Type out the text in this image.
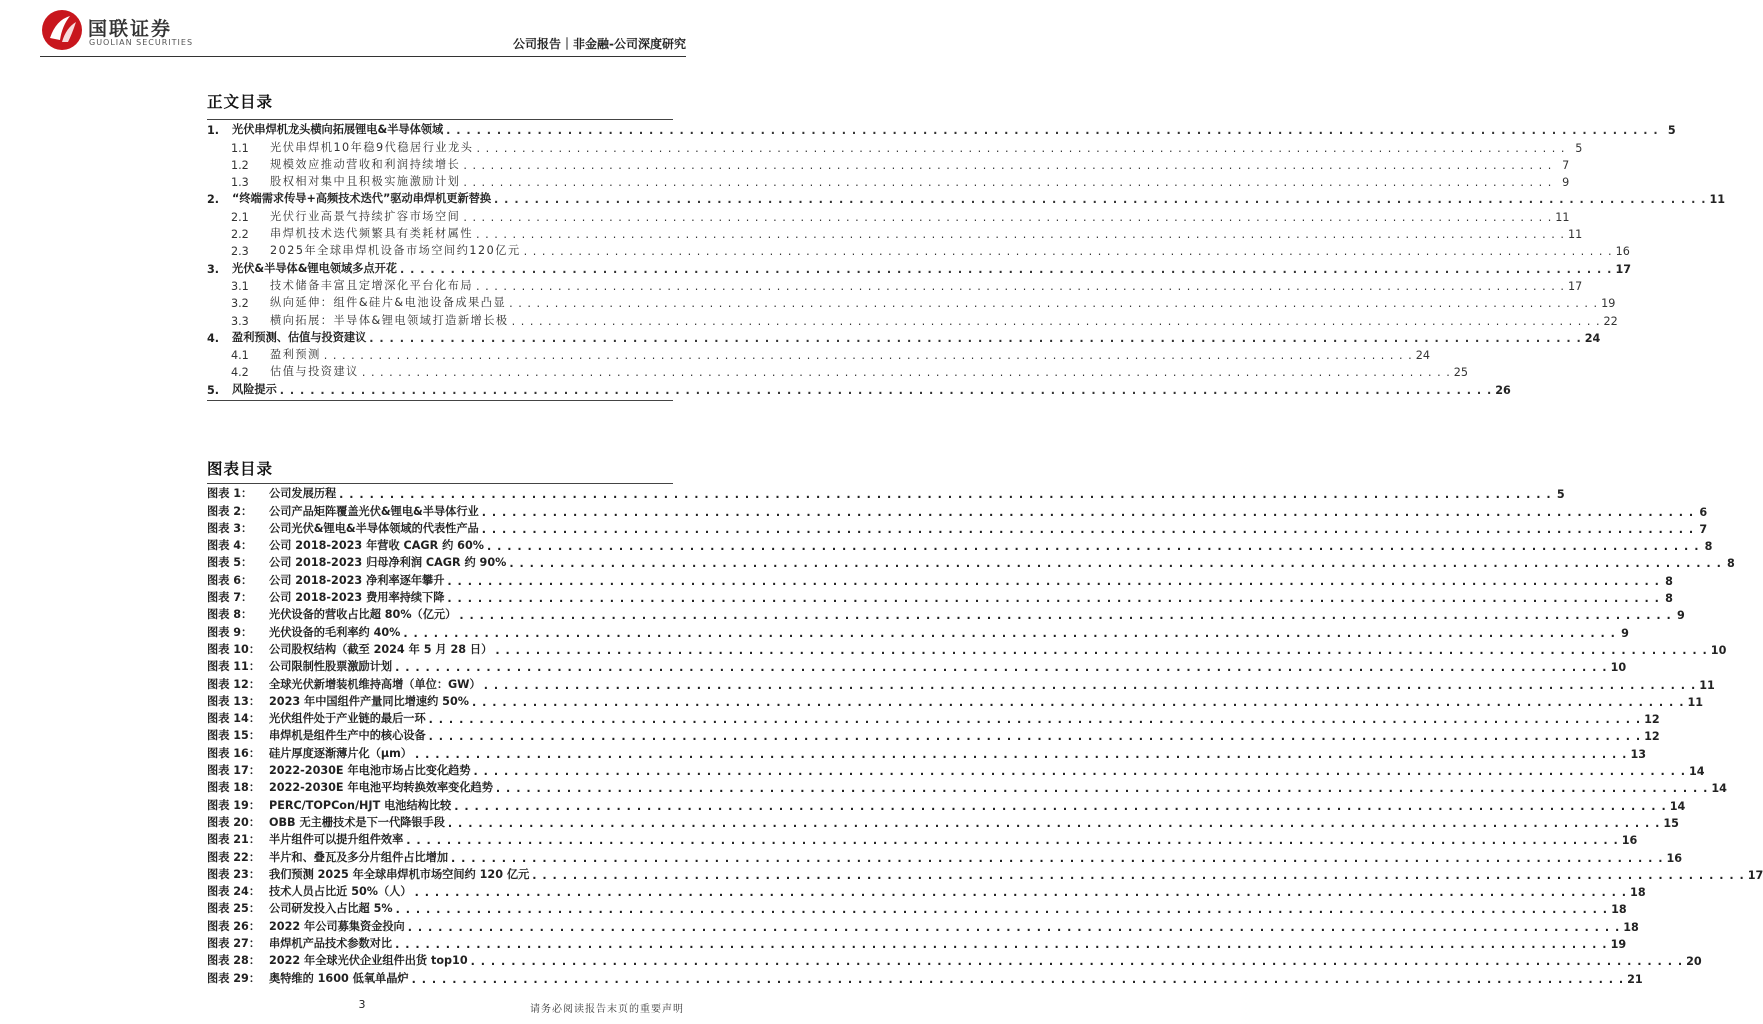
国联证券
GUOLIAN SECURITIES	公司报告｜非金融-公司深度研究
正文目录
1.	光伏串焊机龙头横向拓展锂电&半导体领域 . . . . . . . . . . . . . . . . . . . . . . . . . . . . . . . . . . . . . . . . . . . . . . . . . . . . . . . . . . . . . . . . . . . . . . . . . . . . . . . . . . . . . . . . . . . . . . . . . . . . . . . . . . . . . . . . . . . . . . . . 5
1.1	光伏串焊机10年稳9代稳居行业龙头 . . . . . . . . . . . . . . . . . . . . . . . . . . . . . . . . . . . . . . . . . . . . . . . . . . . . . . . . . . . . . . . . . . . . . . . . . . . . . . . . . . . . . . . . . . . . . . . . . . . . . . . . . . . . . . . . . . . . . . . . 5
1.2	规模效应推动营收和利润持续增长 . . . . . . . . . . . . . . . . . . . . . . . . . . . . . . . . . . . . . . . . . . . . . . . . . . . . . . . . . . . . . . . . . . . . . . . . . . . . . . . . . . . . . . . . . . . . . . . . . . . . . . . . . . . . . . . . . . . . . . . . 7
1.3	股权相对集中且积极实施激励计划 . . . . . . . . . . . . . . . . . . . . . . . . . . . . . . . . . . . . . . . . . . . . . . . . . . . . . . . . . . . . . . . . . . . . . . . . . . . . . . . . . . . . . . . . . . . . . . . . . . . . . . . . . . . . . . . . . . . . . . . . 9
2.	“终端需求传导+高频技术迭代”驱动串焊机更新替换 . . . . . . . . . . . . . . . . . . . . . . . . . . . . . . . . . . . . . . . . . . . . . . . . . . . . . . . . . . . . . . . . . . . . . . . . . . . . . . . . . . . . . . . . . . . . . . . . . . . . . . . . . . . . . . . . . . . . . . . . 11
2.1	光伏行业高景气持续扩容市场空间 . . . . . . . . . . . . . . . . . . . . . . . . . . . . . . . . . . . . . . . . . . . . . . . . . . . . . . . . . . . . . . . . . . . . . . . . . . . . . . . . . . . . . . . . . . . . . . . . . . . . . . . . . . . . . . . . . . . . . . . . 11
2.2	串焊机技术迭代频繁具有类耗材属性 . . . . . . . . . . . . . . . . . . . . . . . . . . . . . . . . . . . . . . . . . . . . . . . . . . . . . . . . . . . . . . . . . . . . . . . . . . . . . . . . . . . . . . . . . . . . . . . . . . . . . . . . . . . . . . . . . . . . . . . . 11
2.3	2025年全球串焊机设备市场空间约120亿元 . . . . . . . . . . . . . . . . . . . . . . . . . . . . . . . . . . . . . . . . . . . . . . . . . . . . . . . . . . . . . . . . . . . . . . . . . . . . . . . . . . . . . . . . . . . . . . . . . . . . . . . . . . . . . . . . . . . . . . . . 16
3.	光伏&半导体&锂电领域多点开花 . . . . . . . . . . . . . . . . . . . . . . . . . . . . . . . . . . . . . . . . . . . . . . . . . . . . . . . . . . . . . . . . . . . . . . . . . . . . . . . . . . . . . . . . . . . . . . . . . . . . . . . . . . . . . . . . . . . . . . . . 17
3.1	技术储备丰富且定增深化平台化布局 . . . . . . . . . . . . . . . . . . . . . . . . . . . . . . . . . . . . . . . . . . . . . . . . . . . . . . . . . . . . . . . . . . . . . . . . . . . . . . . . . . . . . . . . . . . . . . . . . . . . . . . . . . . . . . . . . . . . . . . . 17
3.2	纵向延伸：组件&硅片&电池设备成果凸显 . . . . . . . . . . . . . . . . . . . . . . . . . . . . . . . . . . . . . . . . . . . . . . . . . . . . . . . . . . . . . . . . . . . . . . . . . . . . . . . . . . . . . . . . . . . . . . . . . . . . . . . . . . . . . . . . . . . . . . . . 19
3.3	横向拓展：半导体&锂电领域打造新增长极 . . . . . . . . . . . . . . . . . . . . . . . . . . . . . . . . . . . . . . . . . . . . . . . . . . . . . . . . . . . . . . . . . . . . . . . . . . . . . . . . . . . . . . . . . . . . . . . . . . . . . . . . . . . . . . . . . . . . . . . . 22
4.	盈利预测、估值与投资建议 . . . . . . . . . . . . . . . . . . . . . . . . . . . . . . . . . . . . . . . . . . . . . . . . . . . . . . . . . . . . . . . . . . . . . . . . . . . . . . . . . . . . . . . . . . . . . . . . . . . . . . . . . . . . . . . . . . . . . . . . 24
4.1	盈利预测 . . . . . . . . . . . . . . . . . . . . . . . . . . . . . . . . . . . . . . . . . . . . . . . . . . . . . . . . . . . . . . . . . . . . . . . . . . . . . . . . . . . . . . . . . . . . . . . . . . . . . . . . . . . . . . . . . . . . . . . . 24
4.2	估值与投资建议 . . . . . . . . . . . . . . . . . . . . . . . . . . . . . . . . . . . . . . . . . . . . . . . . . . . . . . . . . . . . . . . . . . . . . . . . . . . . . . . . . . . . . . . . . . . . . . . . . . . . . . . . . . . . . . . . . . . . . . . . 25
5.	风险提示 . . . . . . . . . . . . . . . . . . . . . . . . . . . . . . . . . . . . . . . . . . . . . . . . . . . . . . . . . . . . . . . . . . . . . . . . . . . . . . . . . . . . . . . . . . . . . . . . . . . . . . . . . . . . . . . . . . . . . . . . 26
图表目录
图表 1：	公司发展历程 . . . . . . . . . . . . . . . . . . . . . . . . . . . . . . . . . . . . . . . . . . . . . . . . . . . . . . . . . . . . . . . . . . . . . . . . . . . . . . . . . . . . . . . . . . . . . . . . . . . . . . . . . . . . . . . . . . . . . . . . 5
图表 2：	公司产品矩阵覆盖光伏&锂电&半导体行业 . . . . . . . . . . . . . . . . . . . . . . . . . . . . . . . . . . . . . . . . . . . . . . . . . . . . . . . . . . . . . . . . . . . . . . . . . . . . . . . . . . . . . . . . . . . . . . . . . . . . . . . . . . . . . . . . . . . . . . . . 6
图表 3：	公司光伏&锂电&半导体领域的代表性产品 . . . . . . . . . . . . . . . . . . . . . . . . . . . . . . . . . . . . . . . . . . . . . . . . . . . . . . . . . . . . . . . . . . . . . . . . . . . . . . . . . . . . . . . . . . . . . . . . . . . . . . . . . . . . . . . . . . . . . . . . 7
图表 4：	公司 2018-2023 年营收 CAGR 约 60% . . . . . . . . . . . . . . . . . . . . . . . . . . . . . . . . . . . . . . . . . . . . . . . . . . . . . . . . . . . . . . . . . . . . . . . . . . . . . . . . . . . . . . . . . . . . . . . . . . . . . . . . . . . . . . . . . . . . . . . . 8
图表 5：	公司 2018-2023 归母净利润 CAGR 约 90% . . . . . . . . . . . . . . . . . . . . . . . . . . . . . . . . . . . . . . . . . . . . . . . . . . . . . . . . . . . . . . . . . . . . . . . . . . . . . . . . . . . . . . . . . . . . . . . . . . . . . . . . . . . . . . . . . . . . . . . . 8
图表 6：	公司 2018-2023 净利率逐年攀升 . . . . . . . . . . . . . . . . . . . . . . . . . . . . . . . . . . . . . . . . . . . . . . . . . . . . . . . . . . . . . . . . . . . . . . . . . . . . . . . . . . . . . . . . . . . . . . . . . . . . . . . . . . . . . . . . . . . . . . . . 8
图表 7：	公司 2018-2023 费用率持续下降 . . . . . . . . . . . . . . . . . . . . . . . . . . . . . . . . . . . . . . . . . . . . . . . . . . . . . . . . . . . . . . . . . . . . . . . . . . . . . . . . . . . . . . . . . . . . . . . . . . . . . . . . . . . . . . . . . . . . . . . . 8
图表 8：	光伏设备的营收占比超 80%（亿元） . . . . . . . . . . . . . . . . . . . . . . . . . . . . . . . . . . . . . . . . . . . . . . . . . . . . . . . . . . . . . . . . . . . . . . . . . . . . . . . . . . . . . . . . . . . . . . . . . . . . . . . . . . . . . . . . . . . . . . . . 9
图表 9：	光伏设备的毛利率约 40% . . . . . . . . . . . . . . . . . . . . . . . . . . . . . . . . . . . . . . . . . . . . . . . . . . . . . . . . . . . . . . . . . . . . . . . . . . . . . . . . . . . . . . . . . . . . . . . . . . . . . . . . . . . . . . . . . . . . . . . . 9
图表 10： 公司股权结构（截至 2024 年 5 月 28 日） . . . . . . . . . . . . . . . . . . . . . . . . . . . . . . . . . . . . . . . . . . . . . . . . . . . . . . . . . . . . . . . . . . . . . . . . . . . . . . . . . . . . . . . . . . . . . . . . . . . . . . . . . . . . . . . . . . . . . . . . 10
图表 11： 公司限制性股票激励计划 . . . . . . . . . . . . . . . . . . . . . . . . . . . . . . . . . . . . . . . . . . . . . . . . . . . . . . . . . . . . . . . . . . . . . . . . . . . . . . . . . . . . . . . . . . . . . . . . . . . . . . . . . . . . . . . . . . . . . . . . 10
图表 12： 全球光伏新增装机维持高增（单位：GW） . . . . . . . . . . . . . . . . . . . . . . . . . . . . . . . . . . . . . . . . . . . . . . . . . . . . . . . . . . . . . . . . . . . . . . . . . . . . . . . . . . . . . . . . . . . . . . . . . . . . . . . . . . . . . . . . . . . . . . . . 11
图表 13： 2023 年中国组件产量同比增速约 50% . . . . . . . . . . . . . . . . . . . . . . . . . . . . . . . . . . . . . . . . . . . . . . . . . . . . . . . . . . . . . . . . . . . . . . . . . . . . . . . . . . . . . . . . . . . . . . . . . . . . . . . . . . . . . . . . . . . . . . . . 11
图表 14： 光伏组件处于产业链的最后一环 . . . . . . . . . . . . . . . . . . . . . . . . . . . . . . . . . . . . . . . . . . . . . . . . . . . . . . . . . . . . . . . . . . . . . . . . . . . . . . . . . . . . . . . . . . . . . . . . . . . . . . . . . . . . . . . . . . . . . . . . 12
图表 15： 串焊机是组件生产中的核心设备 . . . . . . . . . . . . . . . . . . . . . . . . . . . . . . . . . . . . . . . . . . . . . . . . . . . . . . . . . . . . . . . . . . . . . . . . . . . . . . . . . . . . . . . . . . . . . . . . . . . . . . . . . . . . . . . . . . . . . . . . 12
图表 16： 硅片厚度逐渐薄片化（μm） . . . . . . . . . . . . . . . . . . . . . . . . . . . . . . . . . . . . . . . . . . . . . . . . . . . . . . . . . . . . . . . . . . . . . . . . . . . . . . . . . . . . . . . . . . . . . . . . . . . . . . . . . . . . . . . . . . . . . . . . 13
图表 17： 2022-2030E 年电池市场占比变化趋势 . . . . . . . . . . . . . . . . . . . . . . . . . . . . . . . . . . . . . . . . . . . . . . . . . . . . . . . . . . . . . . . . . . . . . . . . . . . . . . . . . . . . . . . . . . . . . . . . . . . . . . . . . . . . . . . . . . . . . . . . 14
图表 18： 2022-2030E 年电池平均转换效率变化趋势 . . . . . . . . . . . . . . . . . . . . . . . . . . . . . . . . . . . . . . . . . . . . . . . . . . . . . . . . . . . . . . . . . . . . . . . . . . . . . . . . . . . . . . . . . . . . . . . . . . . . . . . . . . . . . . . . . . . . . . . . 14
图表 19： PERC/TOPCon/HJT 电池结构比较 . . . . . . . . . . . . . . . . . . . . . . . . . . . . . . . . . . . . . . . . . . . . . . . . . . . . . . . . . . . . . . . . . . . . . . . . . . . . . . . . . . . . . . . . . . . . . . . . . . . . . . . . . . . . . . . . . . . . . . . . 14
图表 20： OBB 无主栅技术是下一代降银手段 . . . . . . . . . . . . . . . . . . . . . . . . . . . . . . . . . . . . . . . . . . . . . . . . . . . . . . . . . . . . . . . . . . . . . . . . . . . . . . . . . . . . . . . . . . . . . . . . . . . . . . . . . . . . . . . . . . . . . . . . 15
图表 21： 半片组件可以提升组件效率 . . . . . . . . . . . . . . . . . . . . . . . . . . . . . . . . . . . . . . . . . . . . . . . . . . . . . . . . . . . . . . . . . . . . . . . . . . . . . . . . . . . . . . . . . . . . . . . . . . . . . . . . . . . . . . . . . . . . . . . . 16
图表 22： 半片和、叠瓦及多分片组件占比增加 . . . . . . . . . . . . . . . . . . . . . . . . . . . . . . . . . . . . . . . . . . . . . . . . . . . . . . . . . . . . . . . . . . . . . . . . . . . . . . . . . . . . . . . . . . . . . . . . . . . . . . . . . . . . . . . . . . . . . . . . 16
图表 23： 我们预测 2025 年全球串焊机市场空间约 120 亿元 . . . . . . . . . . . . . . . . . . . . . . . . . . . . . . . . . . . . . . . . . . . . . . . . . . . . . . . . . . . . . . . . . . . . . . . . . . . . . . . . . . . . . . . . . . . . . . . . . . . . . . . . . . . . . . . . . . . . . . . . 17
图表 24： 技术人员占比近 50%（人） . . . . . . . . . . . . . . . . . . . . . . . . . . . . . . . . . . . . . . . . . . . . . . . . . . . . . . . . . . . . . . . . . . . . . . . . . . . . . . . . . . . . . . . . . . . . . . . . . . . . . . . . . . . . . . . . . . . . . . . . 18
图表 25： 公司研发投入占比超 5% . . . . . . . . . . . . . . . . . . . . . . . . . . . . . . . . . . . . . . . . . . . . . . . . . . . . . . . . . . . . . . . . . . . . . . . . . . . . . . . . . . . . . . . . . . . . . . . . . . . . . . . . . . . . . . . . . . . . . . . . 18
图表 26： 2022 年公司募集资金投向 . . . . . . . . . . . . . . . . . . . . . . . . . . . . . . . . . . . . . . . . . . . . . . . . . . . . . . . . . . . . . . . . . . . . . . . . . . . . . . . . . . . . . . . . . . . . . . . . . . . . . . . . . . . . . . . . . . . . . . . . 18
图表 27： 串焊机产品技术参数对比 . . . . . . . . . . . . . . . . . . . . . . . . . . . . . . . . . . . . . . . . . . . . . . . . . . . . . . . . . . . . . . . . . . . . . . . . . . . . . . . . . . . . . . . . . . . . . . . . . . . . . . . . . . . . . . . . . . . . . . . . 19
图表 28： 2022 年全球光伏企业组件出货 top10 . . . . . . . . . . . . . . . . . . . . . . . . . . . . . . . . . . . . . . . . . . . . . . . . . . . . . . . . . . . . . . . . . . . . . . . . . . . . . . . . . . . . . . . . . . . . . . . . . . . . . . . . . . . . . . . . . . . . . . . . 20
图表 29： 奥特维的 1600 低氧单晶炉 . . . . . . . . . . . . . . . . . . . . . . . . . . . . . . . . . . . . . . . . . . . . . . . . . . . . . . . . . . . . . . . . . . . . . . . . . . . . . . . . . . . . . . . . . . . . . . . . . . . . . . . . . . . . . . . . . . . . . . . . 21
3	请务必阅读报告末页的重要声明
